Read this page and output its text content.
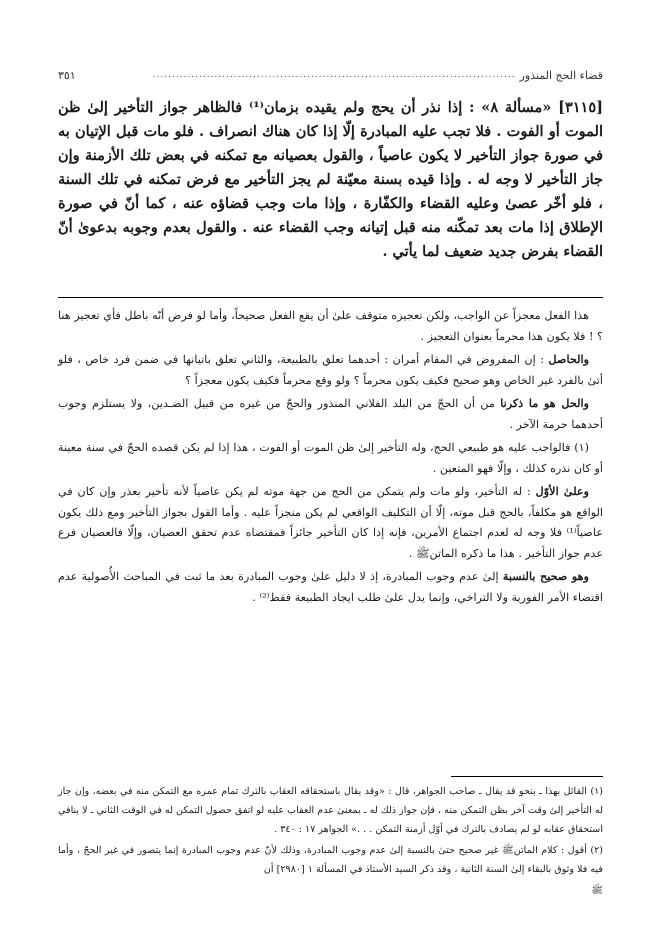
قضاء الحج المنذور
..............................................................................................
٣٥١

[٣١١٥] «مسألة ٨» : إذا نذر أن يحج ولم يقيده بزمان⁽¹⁾ فالظاهر جواز التأخير إلىٰ ظن الموت أو الفوت . فلا تجب عليه المبادرة إلّا إذا كان هناك انصراف . فلو مات قبل الإتيان به في صورة جواز التأخير لا يكون عاصياً ، والقول بعصيانه مع تمكنه في بعض تلك الأزمنة وإن جاز التأخير لا وجه له . وإذا قيده بسنة معيّنة لم يجز التأخير مع فرض تمكنه في تلك السنة ، فلو أخّر عصىٰ وعليه القضاء والكفّارة ، وإذا مات وجب قضاؤه عنه ، كما أنّ في صورة الإطلاق إذا مات بعد تمكّنه منه قبل إتيانه وجب القضاء عنه . والقول بعدم وجوبه بدعوىٰ أنّ القضاء بفرض جديد ضعيف لما يأتي .

هذا الفعل معجزاً عن الواجب، ولكن تعجيزه متوقف علىٰ أن يقع الفعل صحيحاً، وأما لو فرض أنّه باطل فأي تعجيز هنا ؟ ! فلا يكون هذا محرماً بعنوان التعجيز .

والحاصل : إن المفروض في المقام أمران : أحدهما تعلق بالطبيعة، والثاني تعلق باتيانها في ضمن فرد خاص ، فلو أتىٰ بالفرد غير الخاص وهو صحيح فكيف يكون محرماً ؟ ولو وقع محرماً فكيف يكون معجزاً ؟

والحل هو ما ذكرنا من أن الحجّ من البلد الفلاني المنذور والحجّ من غيره من قبيل الضـدين، ولا يستلزم وجوب أحدهما حرمة الآخر .

(١) فالواجب عليه هو طبيعي الحج، وله التأخير إلىٰ ظن الموت أو الفوت ، هذا إذا لم يكن قصده الحجّ في سنة معينة أو كان نذره كذلك ، وإلّا فهو المتعين .

وعلىٰ الأوّل : له التأخير، ولو مات ولم يتمكن من الحج من جهة موته لم يكن عاصياً لأنه تأخير بعذر وإن كان في الواقع هو مكلفاً، بالحج قبل موته، إلّا أن التكليف الواقعي لم يكن منجزاً عليه . وأما القول بجواز التأخير ومع ذلك يكون عاصياً⁽¹⁾ فلا وجه له لعدم اجتماع الأمرين، فإنه إذا كان التأخير جائزاً فمقتضاه عدم تحقق العصيان، وإلّا فالعصيان فرع عدم جواز التأخير . هذا ما ذكره الماتنﷺ .

وهو صحيح بالنسبة إلىٰ عدم وجوب المبادرة، إذ لا دليل علىٰ وجوب المبادرة بعد ما ثبت في المباحث الأُصولية عدم اقتضاء الأمر الفورية ولا التراخي، وإنما يدل علىٰ طلب ايجاد الطبيعة فقط⁽²⁾ .

(١) القائل بهذا ـ بنحو قد يقال ـ صاحب الجواهر، قال : «وقد يقال باستحقاقه العقاب بالترك تمام عمره مع التمكن منه في بعضه، وإن جاز له التأخير إلىٰ وقت آخر بظن التمكن منه ، فإن جواز ذلك له ـ بمعنىٰ عدم العقاب عليه لو اتفق حصول التمكن له في الوقت الثاني ـ لا ينافي استحقاق عقابه لو لم يصادف بالترك في أوّل أزمنة التمكن . . .» الجواهر ١٧ : ٣٤٠ .

(٢) أقول : كلام الماتنﷺ غير صحيح حتىٰ بالنسبة إلىٰ عدم وجوب المبادرة، وذلك لأنّ عدم وجوب المبادرة إنما يتصور في غير الحجّ ، وأما فيه فلا وثوق بالبقاء إلىٰ السنة الثانية ، وقد ذكر السيد الأستاذ في المسألة ١ [٢٩٨٠] أن

ﷺ
